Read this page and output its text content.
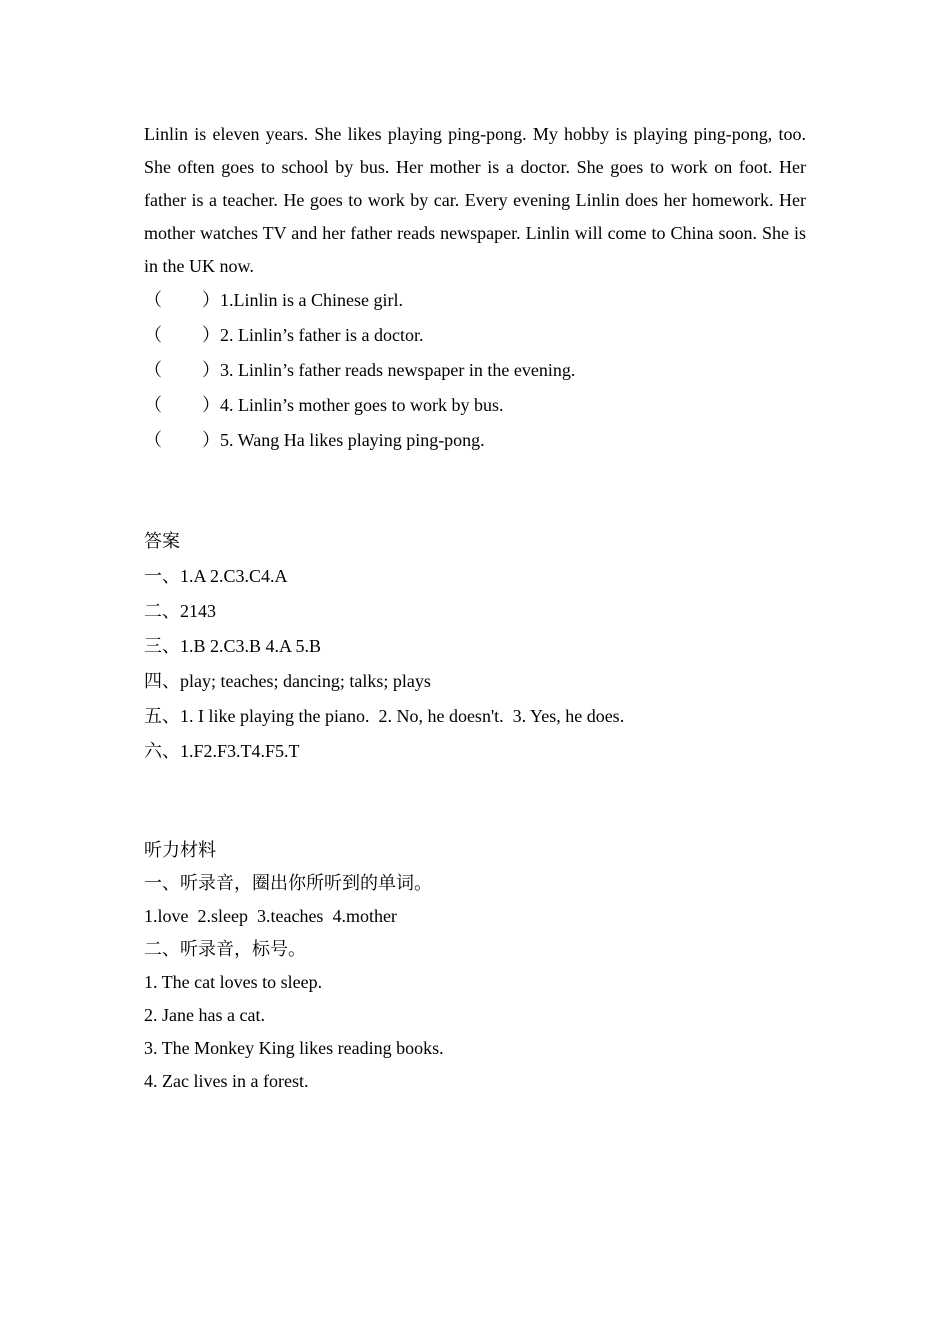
Linlin is eleven years. She likes playing ping-pong. My hobby is playing ping-pong, too. She often goes to school by bus. Her mother is a doctor. She goes to work on foot. Her father is a teacher. He goes to work by car. Every evening Linlin does her homework. Her mother watches TV and her father reads newspaper. Linlin will come to China soon. She is in the UK now.

（	） 1.Linlin is a Chinese girl.
（	） 2. Linlin’s father is a doctor.
（	） 3. Linlin’s father reads newspaper in the evening.
（	） 4. Linlin’s mother goes to work by bus.
（	） 5. Wang Ha likes playing ping-pong.
答案
一、1.A 2.C3.C4.A
二、2143
三、1.B 2.C3.B 4.A 5.B
四、play; teaches; dancing; talks; plays
五、1. I like playing the piano.  2. No, he doesn't.  3. Yes, he does.
六、1.F2.F3.T4.F5.T
听力材料
一、听录音，圈出你所听到的单词。
1.love  2.sleep  3.teaches  4.mother
二、听录音，标号。
1. The cat loves to sleep.
2. Jane has a cat.
3. The Monkey King likes reading books.
4. Zac lives in a forest.
